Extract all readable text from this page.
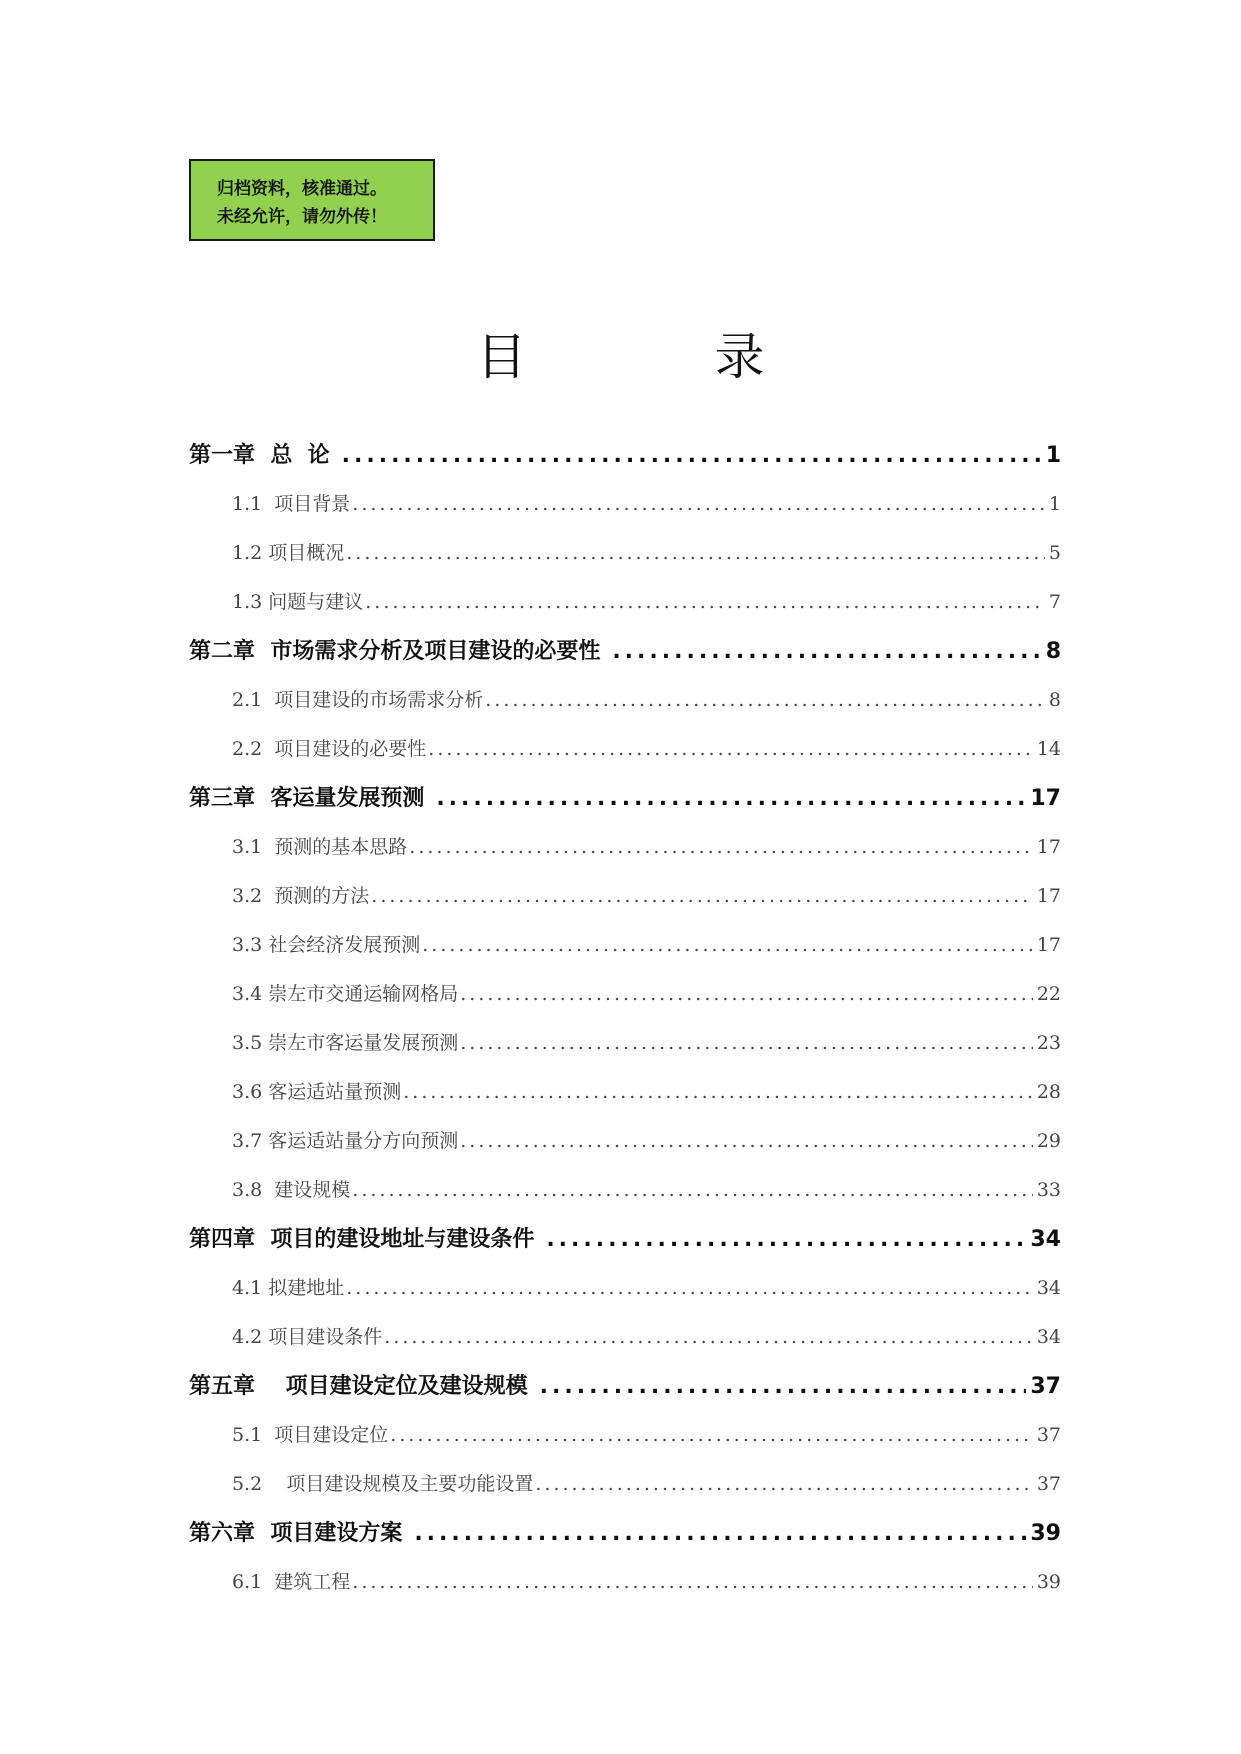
归档资料，核准通过。
未经允许，请勿外传！
目 录
第一章  总  论 .....	1
1.1  项目背景 .....	1
1.2 项目概况 .....	5
1.3 问题与建议 .....	7
第二章  市场需求分析及项目建设的必要性 .....	8
2.1  项目建设的市场需求分析 .....	8
2.2  项目建设的必要性 .....	14
第三章  客运量发展预测 .....	17
3.1  预测的基本思路 .....	17
3.2  预测的方法 .....	17
3.3 社会经济发展预测 .....	17
3.4 崇左市交通运输网格局 .....	22
3.5 崇左市客运量发展预测 .....	23
3.6 客运适站量预测 .....	28
3.7 客运适站量分方向预测 .....	29
3.8  建设规模 .....	33
第四章  项目的建设地址与建设条件 .....	34
4.1 拟建地址 .....	34
4.2 项目建设条件 .....	34
第五章    项目建设定位及建设规模 .....	37
5.1  项目建设定位 .....	37
5.2    项目建设规模及主要功能设置 .....	37
第六章  项目建设方案 .....	39
6.1  建筑工程 .....	39
